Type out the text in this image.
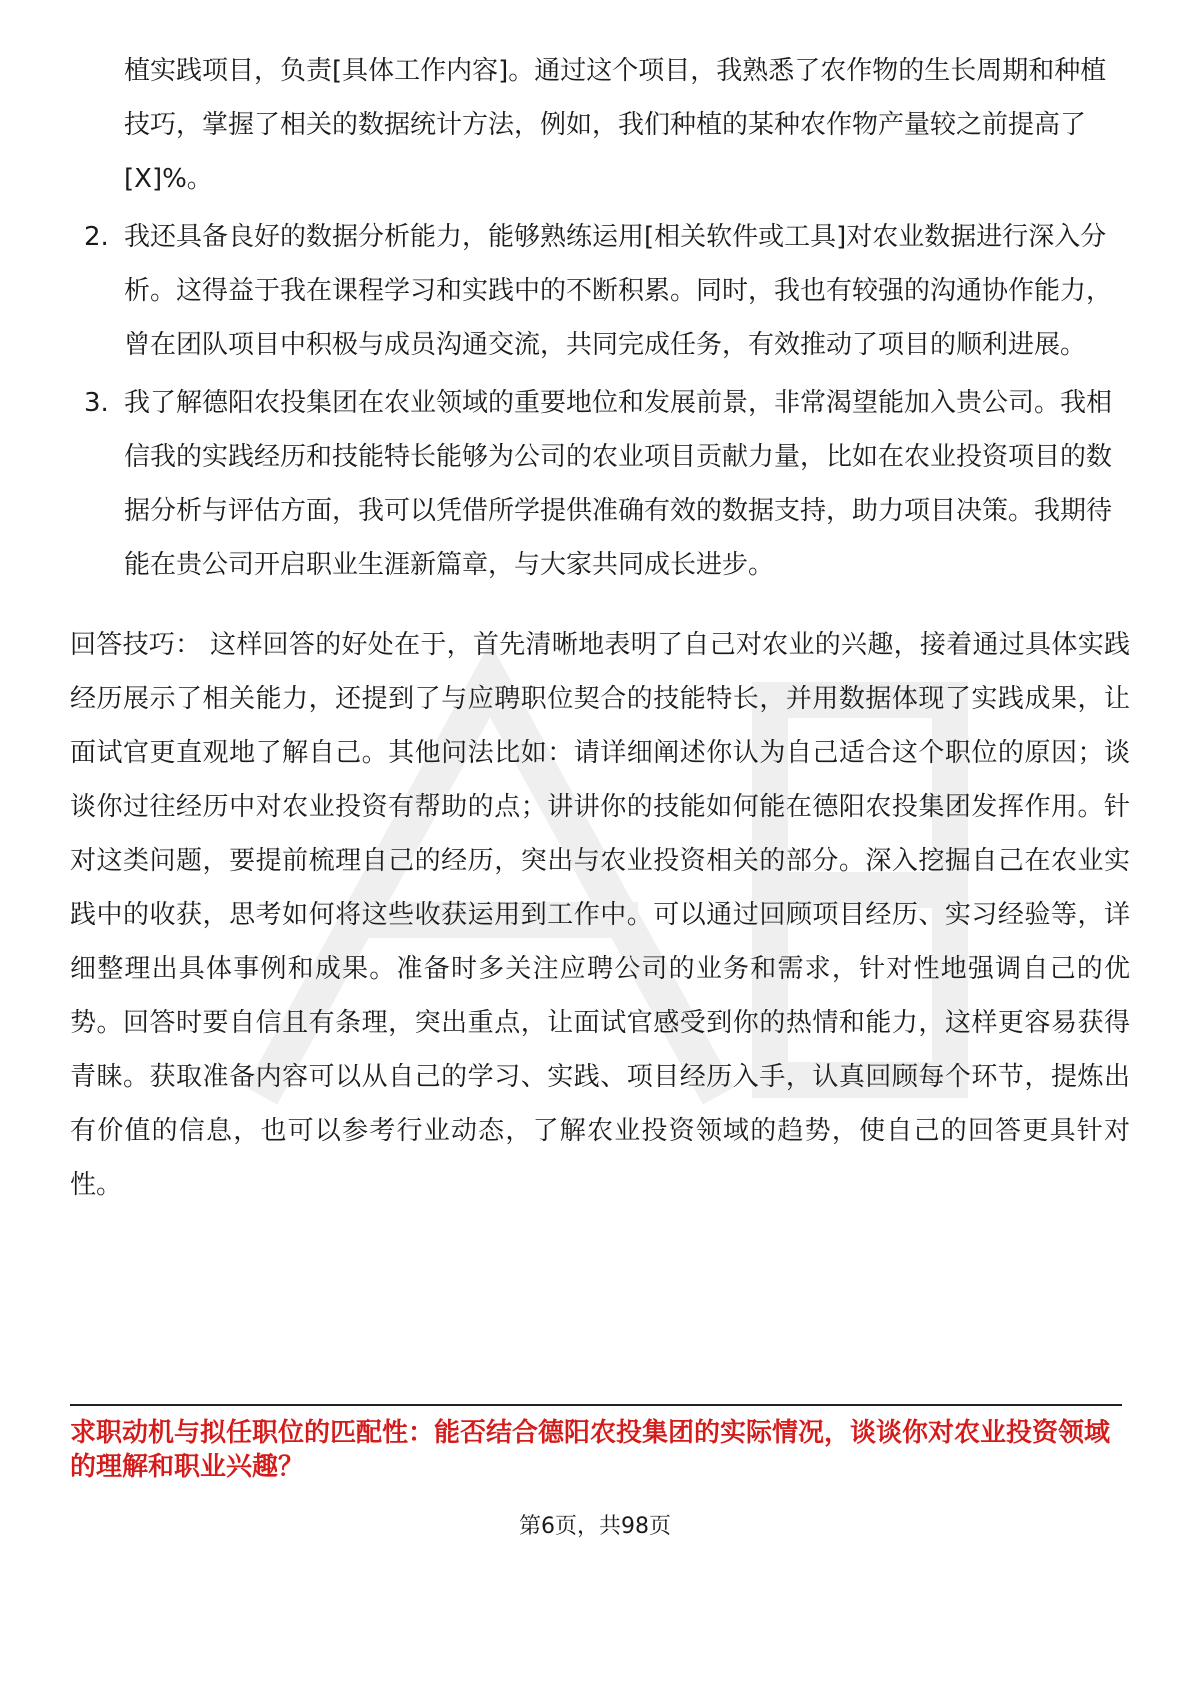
植实践项目，负责[具体工作内容]。通过这个项目，我熟悉了农作物的生长周期和种植技巧，掌握了相关的数据统计方法，例如，我们种植的某种农作物产量较之前提高了[X]%。
2. 我还具备良好的数据分析能力，能够熟练运用[相关软件或工具]对农业数据进行深入分析。这得益于我在课程学习和实践中的不断积累。同时，我也有较强的沟通协作能力，曾在团队项目中积极与成员沟通交流，共同完成任务，有效推动了项目的顺利进展。
3. 我了解德阳农投集团在农业领域的重要地位和发展前景，非常渴望能加入贵公司。我相信我的实践经历和技能特长能够为公司的农业项目贡献力量，比如在农业投资项目的数据分析与评估方面，我可以凭借所学提供准确有效的数据支持，助力项目决策。我期待能在贵公司开启职业生涯新篇章，与大家共同成长进步。
回答技巧： 这样回答的好处在于，首先清晰地表明了自己对农业的兴趣，接着通过具体实践经历展示了相关能力，还提到了与应聘职位契合的技能特长，并用数据体现了实践成果，让面试官更直观地了解自己。其他问法比如：请详细阐述你认为自己适合这个职位的原因；谈谈你过往经历中对农业投资有帮助的点；讲讲你的技能如何能在德阳农投集团发挥作用。针对这类问题，要提前梳理自己的经历，突出与农业投资相关的部分。深入挖掘自己在农业实践中的收获，思考如何将这些收获运用到工作中。可以通过回顾项目经历、实习经验等，详细整理出具体事例和成果。准备时多关注应聘公司的业务和需求，针对性地强调自己的优势。回答时要自信且有条理，突出重点，让面试官感受到你的热情和能力，这样更容易获得青睐。获取准备内容可以从自己的学习、实践、项目经历入手，认真回顾每个环节，提炼出有价值的信息，也可以参考行业动态，了解农业投资领域的趋势，使自己的回答更具针对性。
求职动机与拟任职位的匹配性：能否结合德阳农投集团的实际情况，谈谈你对农业投资领域的理解和职业兴趣？
第6页，共98页
